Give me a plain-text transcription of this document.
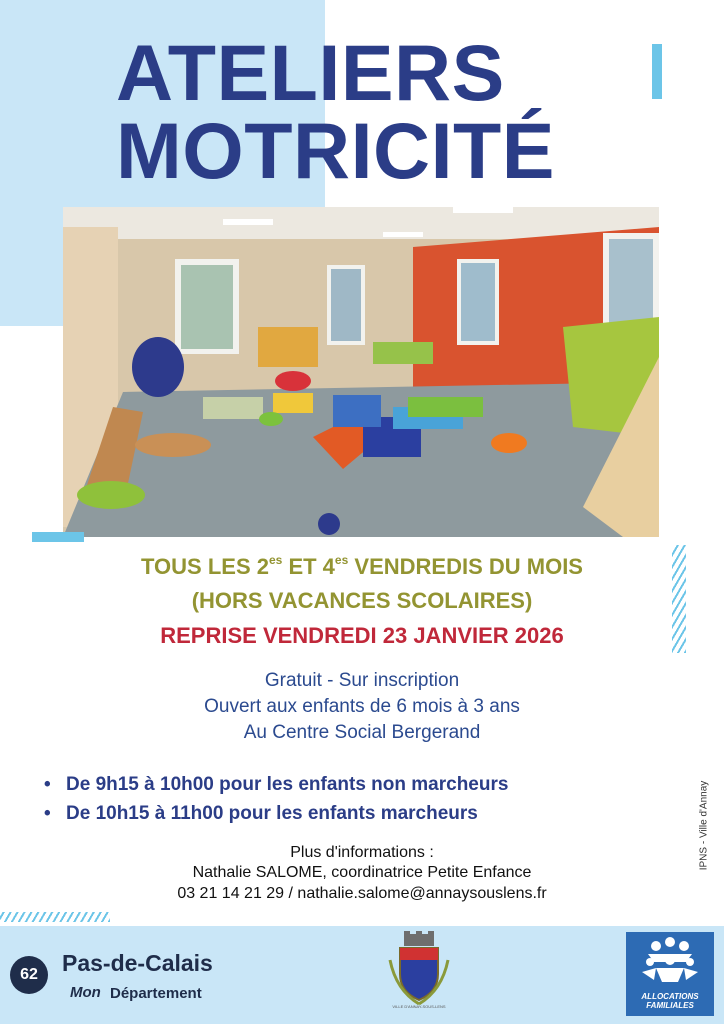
ATELIERS
MOTRICITÉ

TOUS LES $2^{es}$ ET $4^{es}$ VENDREDIS DU MOIS

(HORS VACANCES SCOLAIRES)

REPRISE VENDREDI 23 JANVIER 2026

Gratuit - Sur inscription

Ouvert aux enfants de 6 mois à 3 ans

Au Centre Social Bergerand

• De 9h15 à 10h00 pour les enfants non marcheurs
• De 10h15 à 11h00 pour les enfants marcheurs

Plus d'informations :

Nathalie SALOME, coordinatrice Petite Enfance

03 21 14 21 29 / nathalie.salome@annaysouslens.fr

IPNS - Ville d'Annay
62	Pas-de-Calais

Mon Département

VILLE D'ANNAY-SOUS-LENS

ALLOCATIONS
FAMILIALES
